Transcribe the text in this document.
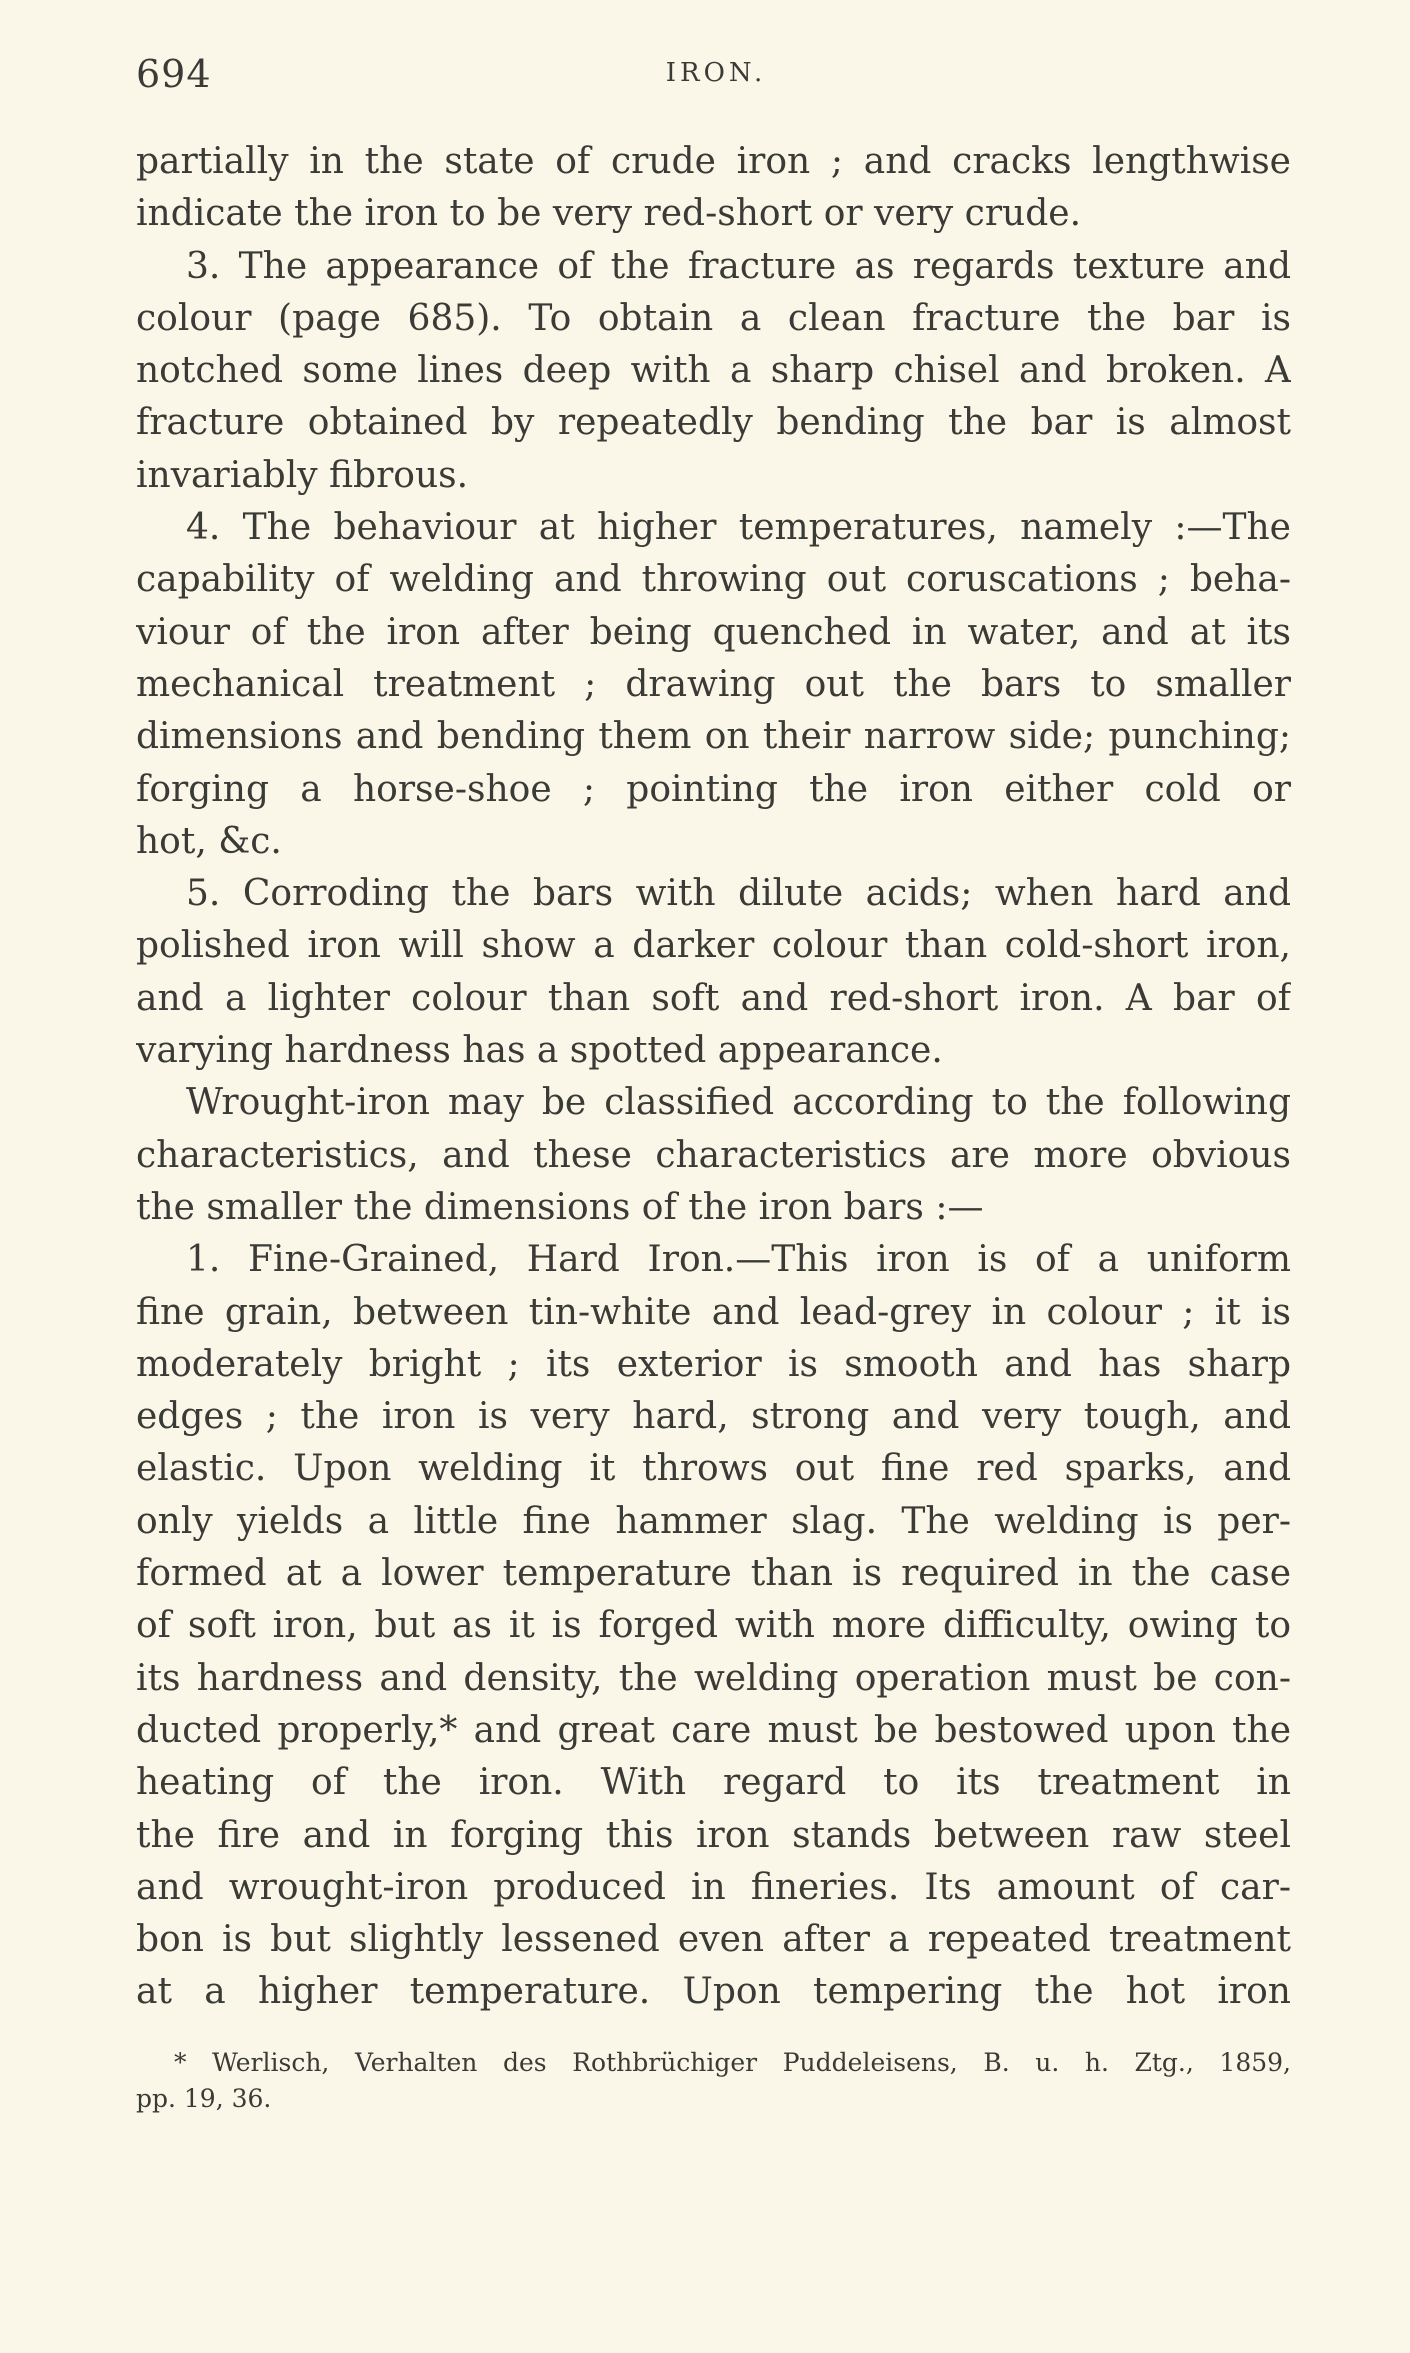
694	IRON.
partially in the state of crude iron ; and cracks lengthwise
indicate the iron to be very red-short or very crude.
3. The appearance of the fracture as regards texture and
colour (page 685). To obtain a clean fracture the bar is
notched some lines deep with a sharp chisel and broken. A
fracture obtained by repeatedly bending the bar is almost
invariably fibrous.
4. The behaviour at higher temperatures, namely :—The
capability of welding and throwing out coruscations ; beha-
viour of the iron after being quenched in water, and at its
mechanical treatment ; drawing out the bars to smaller
dimensions and bending them on their narrow side; punching;
forging a horse-shoe ; pointing the iron either cold or
hot, &c.
5. Corroding the bars with dilute acids; when hard and
polished iron will show a darker colour than cold-short iron,
and a lighter colour than soft and red-short iron. A bar of
varying hardness has a spotted appearance.
Wrought-iron may be classified according to the following
characteristics, and these characteristics are more obvious
the smaller the dimensions of the iron bars :—
1. Fine-Grained, Hard Iron.—This iron is of a uniform
fine grain, between tin-white and lead-grey in colour ; it is
moderately bright ; its exterior is smooth and has sharp
edges ; the iron is very hard, strong and very tough, and
elastic. Upon welding it throws out fine red sparks, and
only yields a little fine hammer slag. The welding is per-
formed at a lower temperature than is required in the case
of soft iron, but as it is forged with more difficulty, owing to
its hardness and density, the welding operation must be con-
ducted properly,* and great care must be bestowed upon the
heating of the iron. With regard to its treatment in
the fire and in forging this iron stands between raw steel
and wrought-iron produced in fineries. Its amount of car-
bon is but slightly lessened even after a repeated treatment
at a higher temperature. Upon tempering the hot iron
* Werlisch, Verhalten des Rothbrüchiger Puddeleisens, B. u. h. Ztg., 1859,
pp. 19, 36.
